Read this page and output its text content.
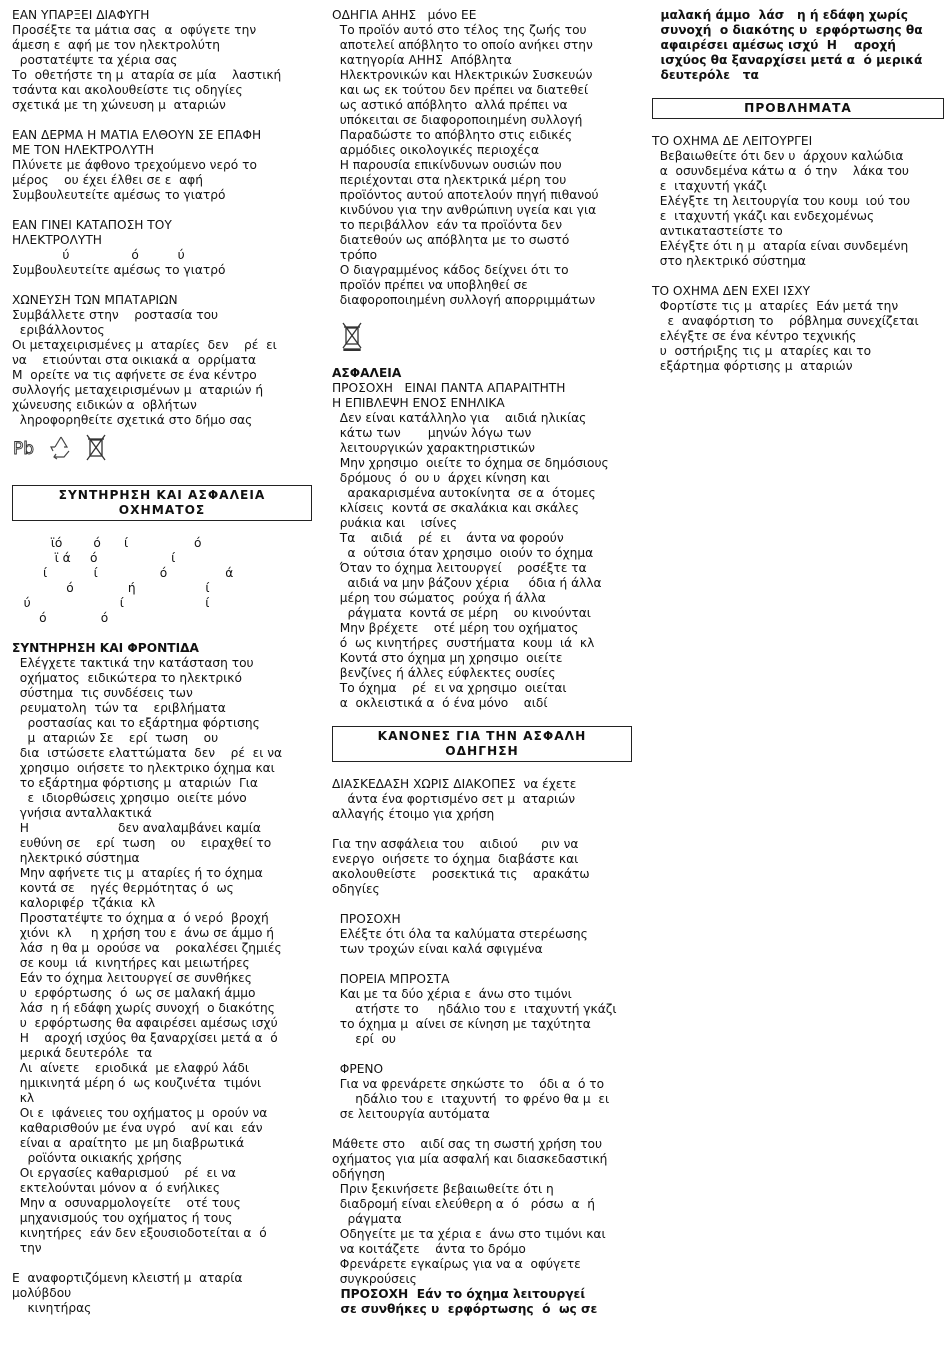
ΕΑΝ ΥΠΑΡΞΕΙ ΔΙΑΦΥΓΗ
Προσέξτε τα μάτια σας  α  οφύγετε την
άμεση ε  αφή με τον ηλεκτρολύτη
ροστατέψτε τα χέρια σας
Το  οθετήστε τη μ  αταρία σε μία    λαστική
τσάντα και ακολουθείστε τις οδηγίες
σχετικά με τη χώνευση μ  αταριών
ΕΑΝ ΔΕΡΜΑ Η ΜΑΤΙΑ ΕΛΘΟΥΝ ΣΕ ΕΠΑΦΗ
ΜΕ ΤΟΝ ΗΛΕΚΤΡΟΛΥΤΗ
Πλύνετε με άφθονο τρεχούμενο νερό το
μέρος    ου έχει έλθει σε ε  αφή
Συμβουλευτείτε αμέσως το γιατρό
ΕΑΝ ΓΙΝΕΙ ΚΑΤΑΠΟΣΗ ΤΟΥ
ΗΛΕΚΤΡΟΛΥΤΗ
ύ                ό          ύ
Συμβουλευτείτε αμέσως το γιατρό
ΧΩΝΕΥΣΗ ΤΩΝ ΜΠΑΤΑΡΙΩΝ
Συμβάλλετε στην    ροστασία του
εριβάλλοντος
Οι μεταχειρισμένες μ  αταρίες  δεν    ρέ  ει
να    ετιούνται στα οικιακά α  ορρίματα
Μ  ορείτε να τις αφήνετε σε ένα κέντρο
συλλογής μεταχειρισμένων μ  αταριών ή
χώνευσης ειδικών α  οβλήτων
ληροφορηθείτε σχετικά στο δήμο σας
Pb
ΣΥΝΤΗΡΗΣΗ ΚΑΙ ΑΣΦΑΛΕΙΑ
ΟΧΗΜΑΤΟΣ
ϊό        ό      ί                 ό
ϊ ά     ό                   ί
ί            ί                ό               ά
ό              ή                  ί
ύ                       ί                     ί
ό              ό
ΣΥΝΤΗΡΗΣΗ ΚΑΙ ΦΡΟΝΤΙΔΑ
Ελέγχετε τακτικά την κατάσταση του
οχήματος  ειδικώτερα το ηλεκτρικό
σύστημα  τις συνδέσεις των
ρευματολη  τών τα    εριβλήματα
ροστασίας και το εξάρτημα φόρτισης
μ  αταριών Σε    ερί  τωση    ου
δια  ιστώσετε ελαττώματα  δεν    ρέ  ει να
χρησιμο  οιήσετε το ηλεκτρικο όχημα και
το εξάρτημα φόρτισης μ  αταριών  Για
ε  ιδιορθώσεις χρησιμο  οιείτε μόνο
γνήσια ανταλλακτικά
Η                       δεν αναλαμβάνει καμία
ευθύνη σε    ερί  τωση    ου    ειραχθεί το
ηλεκτρικό σύστημα
Μην αφήνετε τις μ  αταρίες ή το όχημα
κοντά σε    ηγές θερμότητας ό  ως
καλοριφέρ  τζάκια  κλ
Προστατέψτε το όχημα α  ό νερό  βροχή
χιόνι  κλ     η χρήση του ε  άνω σε άμμο ή
λάσ  η θα μ  ορούσε να    ροκαλέσει ζημιές
σε κουμ  ιά  κινητήρες και μειωτήρες
Εάν το όχημα λειτουργεί σε συνθήκες
υ  ερφόρτωσης  ό  ως σε μαλακή άμμο
λάσ  η ή εδάφη χωρίς συνοχή  ο διακότης
υ  ερφόρτωσης θα αφαιρέσει αμέσως ισχύ
Η    αροχή ισχύος θα ξαναρχίσει μετά α  ό
μερικά δευτερόλε  τα
Λι  αίνετε    εριοδικά  με ελαφρύ λάδι
ημικινητά μέρη ό  ως κουζινέτα  τιμόνι
κλ
Οι ε  ιφάνειες του οχήματος μ  ορούν να
καθαρισθούν με ένα υγρό    ανί και  εάν
είναι α  αραίτητο  με μη διαβρωτικά
ροϊόντα οικιακής χρήσης
Οι εργασίες καθαρισμού    ρέ  ει να
εκτελούνται μόνον α  ό ενήλικες
Μην α  οσυναρμολογείτε    οτέ τους
μηχανισμούς του οχήματος ή τους
κινητήρες  εάν δεν εξουσιοδοτείται α  ό
την
Ε  αναφορτιζόμενη κλειστή μ  αταρία
μολύβδου
κινητήρας
ΟΔΗΓΙΑ ΑΗΗΣ   μόνο ΕΕ
Το προϊόν αυτό στο τέλος της ζωής του
αποτελεί απόβλητο το οποίο ανήκει στην
κατηγορία ΑΗΗΣ  Απόβλητα
Ηλεκτρονικών και Ηλεκτρικών Συσκευών
και ως εκ τούτου δεν πρέπει να διατεθεί
ως αστικό απόβλητο  αλλά πρέπει να
υπόκειται σε διαφοροποιημένη συλλογή
Παραδώστε το απόβλητο στις ειδικές
αρμόδιες οικολογικές περιοχέςα
Η παρουσία επικίνδυνων ουσιών που
περιέχονται στα ηλεκτρικά μέρη του
προϊόντος αυτού αποτελούν πηγή πιθανού
κινδύνου για την ανθρώπινη υγεία και για
το περιβάλλον  εάν τα προϊόντα δεν
διατεθούν ως απόβλητα με το σωστό
τρόπο
Ο διαγραμμένος κάδος δείχνει ότι το
προϊόν πρέπει να υποβληθεί σε
διαφοροποιημένη συλλογή απορριμμάτων
ΑΣΦΑΛΕΙΑ
ΠΡΟΣΟΧΗ   ΕΙΝΑΙ ΠΑΝΤΑ ΑΠΑΡΑΙΤΗΤΗ
Η ΕΠΙΒΛΕΨΗ ΕΝΟΣ ΕΝΗΛΙΚΑ
Δεν είναι κατάλληλο για    αιδιά ηλικίας
κάτω των       μηνών λόγω των
λειτουργικών χαρακτηριστικών
Μην χρησιμο  οιείτε το όχημα σε δημόσιους
δρόμους  ό  ου υ  άρχει κίνηση και
αρακαρισμένα αυτοκίνητα  σε α  ότομες
κλίσεις  κοντά σε σκαλάκια και σκάλες
ρυάκια και    ισίνες
Τα    αιδιά    ρέ  ει    άντα να φορούν
α  ούτσια όταν χρησιμο  οιούν το όχημα
Όταν το όχημα λειτουργεί    ροσέξτε τα
αιδιά να μην βάζουν χέρια     όδια ή άλλα
μέρη του σώματος  ρούχα ή άλλα
ράγματα  κοντά σε μέρη    ου κινούνται
Μην βρέχετε    οτέ μέρη του οχήματος
ό  ως κινητήρες  συστήματα  κουμ  ιά  κλ
Κοντά στο όχημα μη χρησιμο  οιείτε
βενζίνες ή άλλες εύφλεκτες ουσίες
Το όχημα    ρέ  ει να χρησιμο  οιείται
α  οκλειστικά α  ό ένα μόνο    αιδί
ΚΑΝΟΝΕΣ ΓΙΑ ΤΗΝ ΑΣΦΑΛΗ
ΟΔΗΓΗΣΗ
ΔΙΑΣΚΕΔΑΣΗ ΧΩΡΙΣ ΔΙΑΚΟΠΕΣ  να έχετε
άντα ένα φορτισμένο σετ μ  αταριών
αλλαγής έτοιμο για χρήση
Για την ασφάλεια του    αιδιού      ριν να
ενεργο  οιήσετε το όχημα  διαβάστε και
ακολουθείστε    ροσεκτικά τις    αρακάτω
οδηγίες
ΠΡΟΣΟΧΗ
Ελέξτε ότι όλα τα καλύματα στερέωσης
των τροχών είναι καλά σφιγμένα
ΠΟΡΕΙΑ ΜΠΡΟΣΤΑ
Και με τα δύο χέρια ε  άνω στο τιμόνι
ατήστε το     ηδάλιο του ε  ιταχυντή γκάζι
το όχημα μ  αίνει σε κίνηση με ταχύτητα
ερί  ου
ΦΡΕΝΟ
Για να φρενάρετε σηκώστε το    όδι α  ό το
ηδάλιο του ε  ιταχυντή  το φρένο θα μ  ει
σε λειτουργία αυτόματα
Μάθετε στο    αιδί σας τη σωστή χρήση του
οχήματος για μία ασφαλή και διασκεδαστική
οδήγηση
Πριν ξεκινήσετε βεβαιωθείτε ότι η
διαδρομή είναι ελεύθερη α  ό   ρόσω  α  ή
ράγματα
Οδηγείτε με τα χέρια ε  άνω στο τιμόνι και
να κοιτάζετε    άντα το δρόμο
Φρενάρετε εγκαίρως για να α  οφύγετε
συγκρούσεις
ΠΡΟΣΟΧΗ  Εάν το όχημα λειτουργεί
σε συνθήκες υ  ερφόρτωσης  ό  ως σε
μαλακή άμμο  λάσ   η ή εδάφη χωρίς
συνοχή  ο διακότης υ  ερφόρτωσης θα
αφαιρέσει αμέσως ισχύ  Η    αροχή
ισχύος θα ξαναρχίσει μετά α  ό μερικά
δευτερόλε   τα
ΠΡΟΒΛΗΜΑΤΑ
ΤΟ ΟΧΗΜΑ ΔΕ ΛΕΙΤΟΥΡΓΕΙ
Βεβαιωθείτε ότι δεν υ  άρχουν καλώδια
α  οσυνδεμένα κάτω α  ό την    λάκα του
ε  ιταχυντή γκάζι
Ελέγξτε τη λειτουργία του κουμ  ιού του
ε  ιταχυντή γκάζι και ενδεχομένως
αντικαταστείστε το
Ελέγξτε ότι η μ  αταρία είναι συνδεμένη
στο ηλεκτρικό σύστημα
ΤΟ ΟΧΗΜΑ ΔΕΝ ΕΧΕΙ ΙΣΧΥ
Φορτίστε τις μ  αταρίες  Εάν μετά την
ε  αναφόρτιση το    ρόβλημα συνεχίζεται
ελέγξτε σε ένα κέντρο τεχνικής
υ  οστήριξης τις μ  αταρίες και το
εξάρτημα φόρτισης μ  αταριών
